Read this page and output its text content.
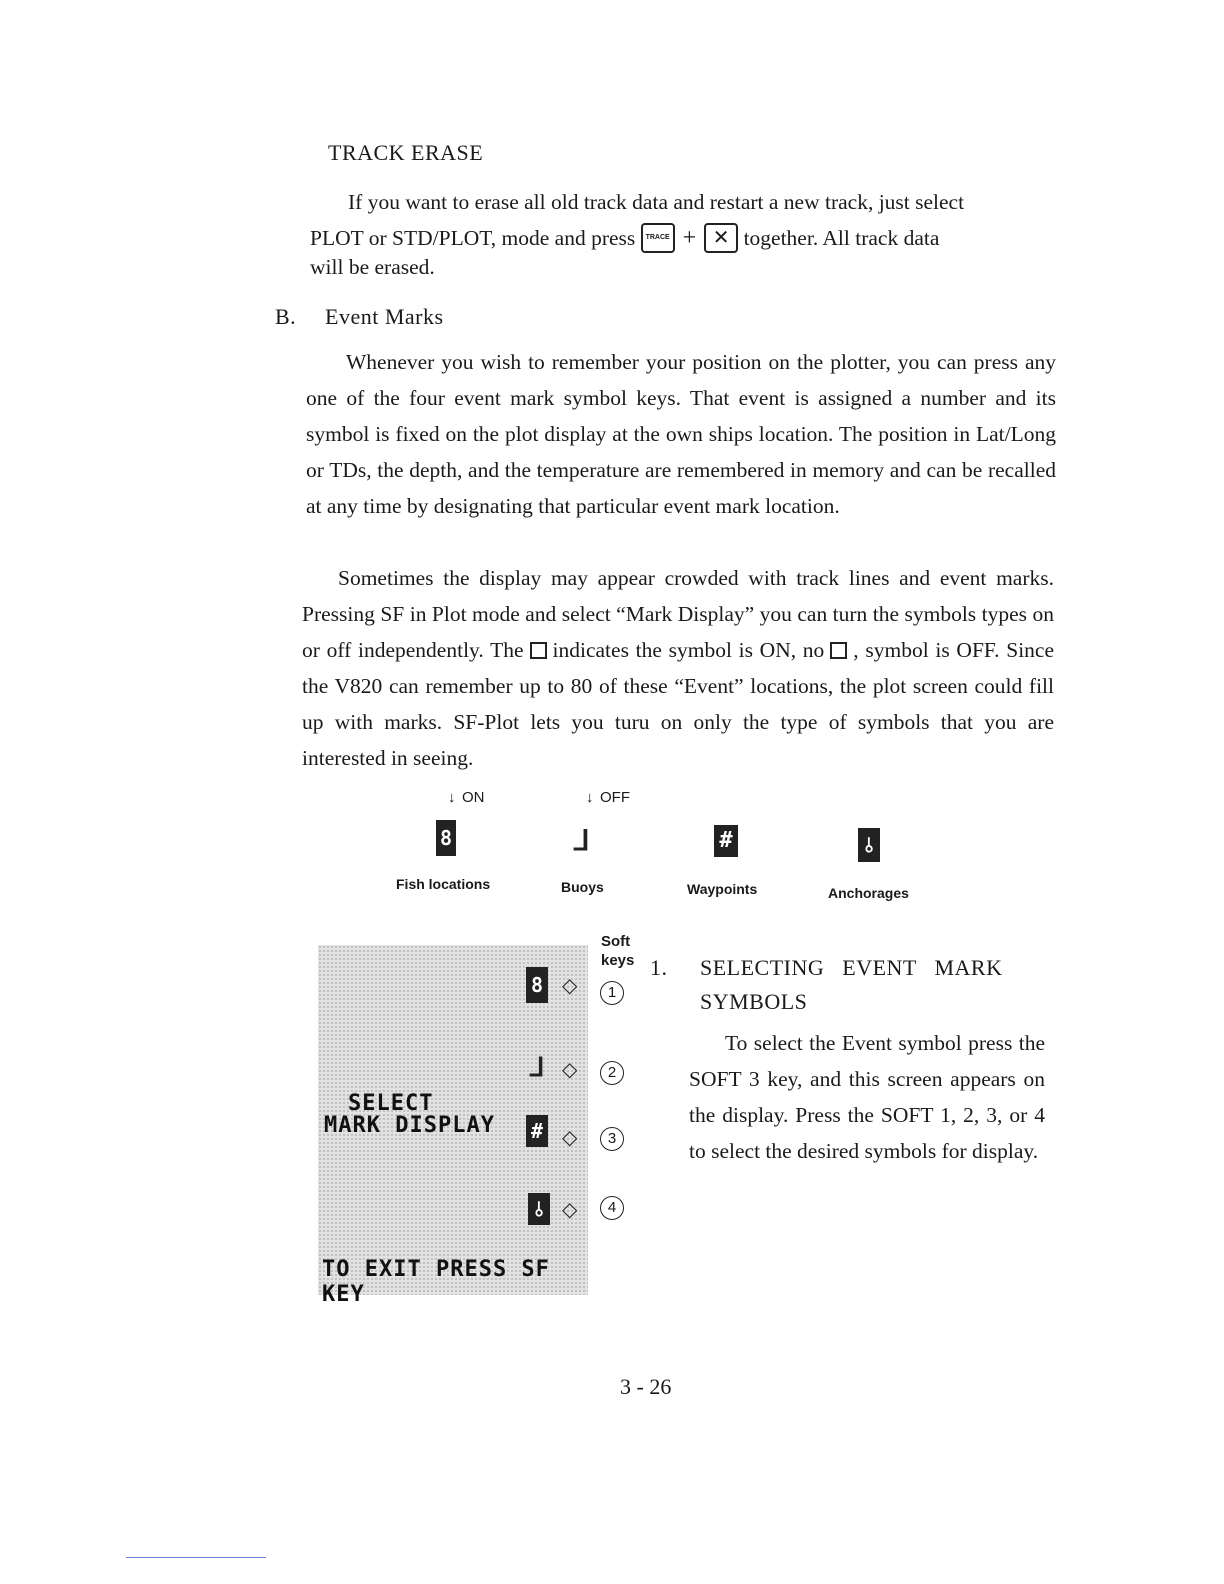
TRACK ERASE
If you want to erase all old track data and restart a new track, just select
PLOT or STD/PLOT, mode and press TRACE + ✕ together. All track data
will be erased.
B. Event Marks
Whenever you wish to remember your position on the plotter, you can press any one of the four event mark symbol keys. That event is assigned a number and its symbol is fixed on the plot display at the own ships location. The position in Lat/Long or TDs, the depth, and the temperature are remembered in memory and can be recalled at any time by designating that particular event mark location.
Sometimes the display may appear crowded with track lines and event marks. Pressing SF in Plot mode and select “Mark Display” you can turn the symbols types on or off independently. The indicates the symbol is ON, no , symbol is OFF. Since the V820 can remember up to 80 of these “Event” locations, the plot screen could fill up with marks. SF-Plot lets you turu on only the type of symbols that you are interested in seeing.
↓ ON	↓ OFF
8	⅃	#	⫰
Fish locations	Buoys	Waypoints	Anchorages
8 ◇
⅃ ◇
SELECT
MARK DISPLAY # ◇
⫰ ◇
TO EXIT PRESS SF KEY
Soft
keys
1
2
3
4
1. SELECTING   EVENT   MARK
SYMBOLS
To select the Event symbol press the SOFT 3 key, and this screen appears on the display. Press the SOFT 1, 2, 3, or 4 to select the desired symbols for display.
3 - 26
